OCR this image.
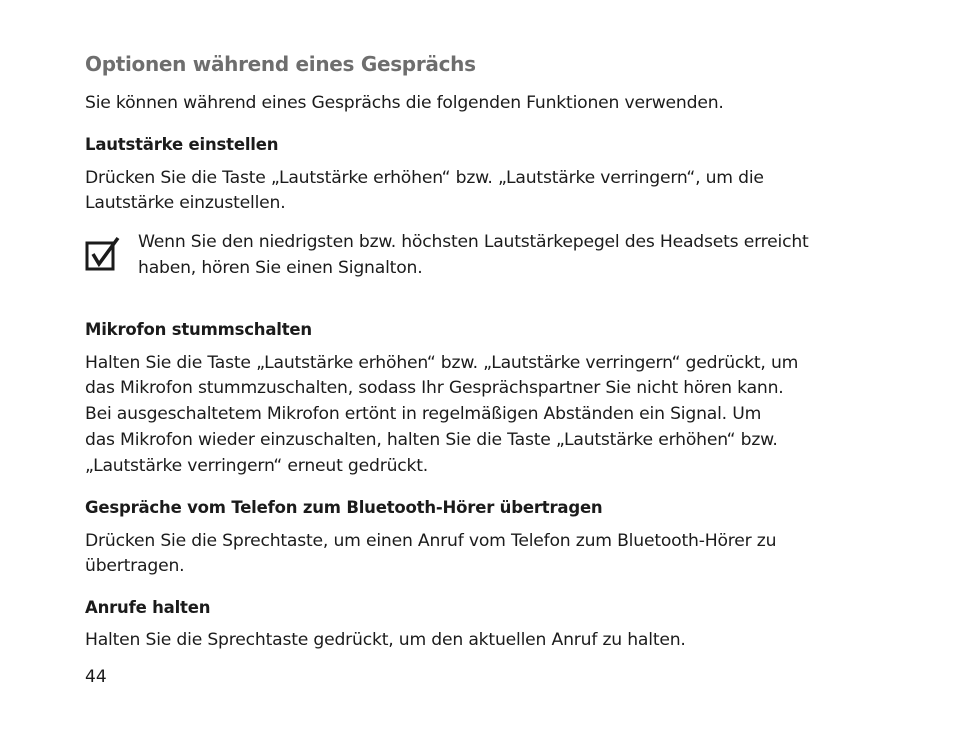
Optionen während eines Gesprächs
Sie können während eines Gesprächs die folgenden Funktionen verwenden.
Lautstärke einstellen
Drücken Sie die Taste „Lautstärke erhöhen“ bzw. „Lautstärke verringern“, um die
Lautstärke einzustellen.
Wenn Sie den niedrigsten bzw. höchsten Lautstärkepegel des Headsets erreicht
haben, hören Sie einen Signalton.
Mikrofon stummschalten
Halten Sie die Taste „Lautstärke erhöhen“ bzw. „Lautstärke verringern“ gedrückt, um
das Mikrofon stummzuschalten, sodass Ihr Gesprächspartner Sie nicht hören kann.
Bei ausgeschaltetem Mikrofon ertönt in regelmäßigen Abständen ein Signal. Um
das Mikrofon wieder einzuschalten, halten Sie die Taste „Lautstärke erhöhen“ bzw.
„Lautstärke verringern“ erneut gedrückt.
Gespräche vom Telefon zum Bluetooth-Hörer übertragen
Drücken Sie die Sprechtaste, um einen Anruf vom Telefon zum Bluetooth-Hörer zu
übertragen.
Anrufe halten
Halten Sie die Sprechtaste gedrückt, um den aktuellen Anruf zu halten.
44
